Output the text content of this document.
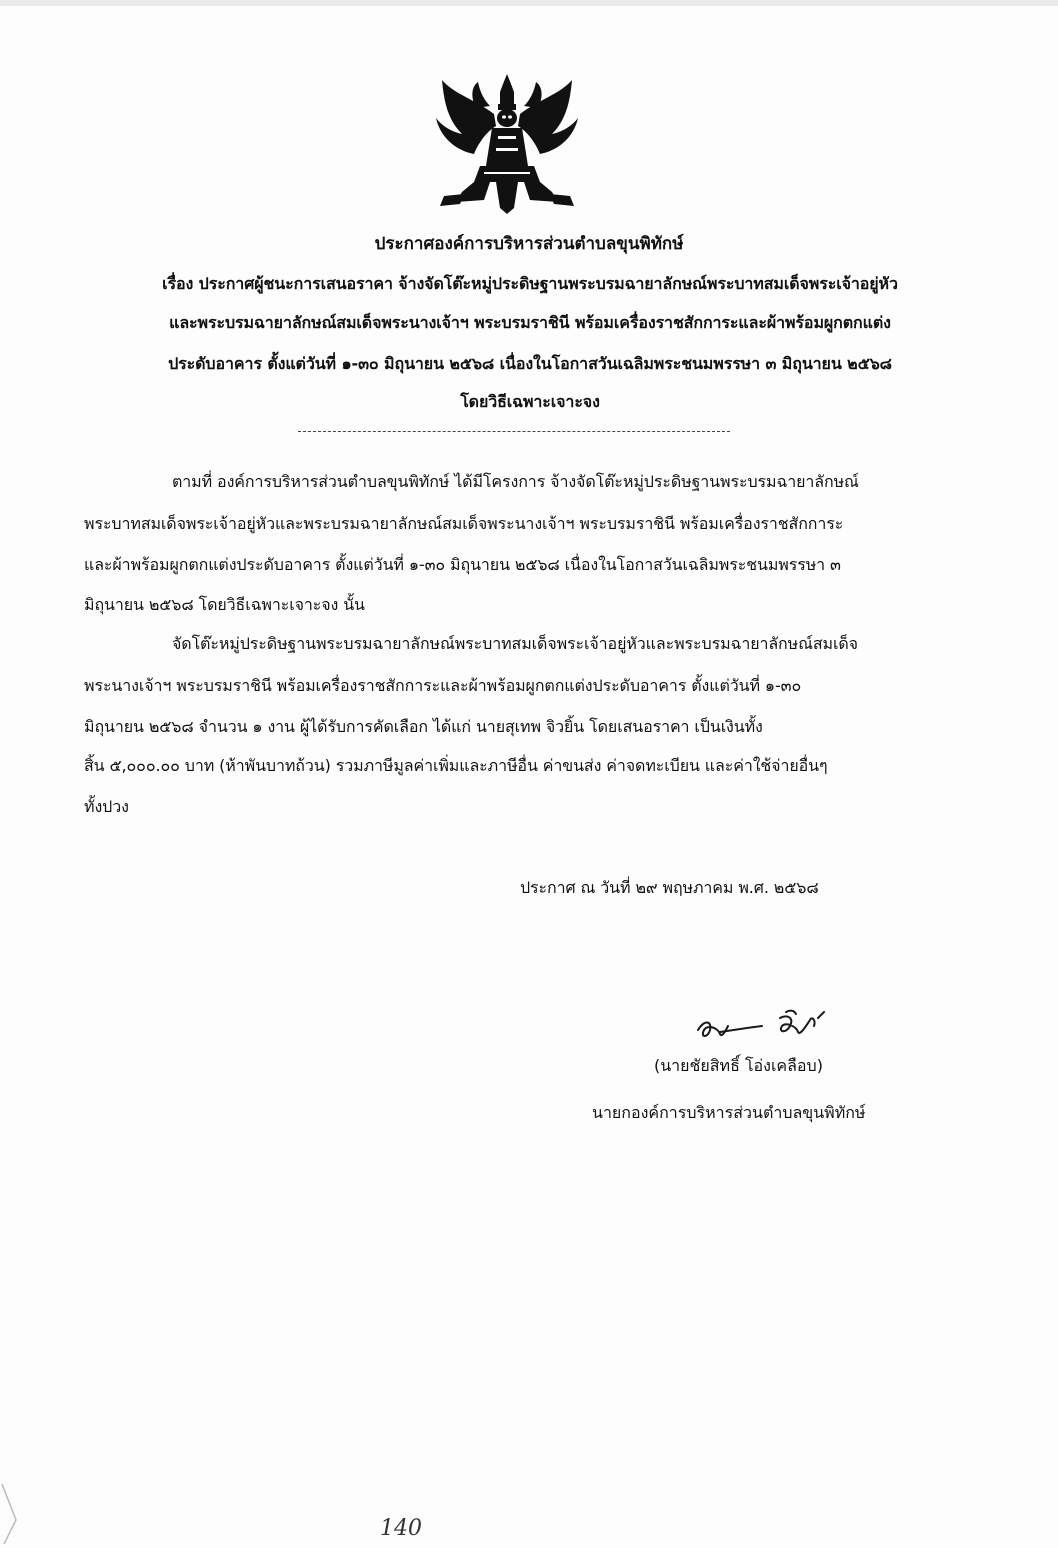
ประกาศองค์การบริหารส่วนตำบลขุนพิทักษ์
เรื่อง ประกาศผู้ชนะการเสนอราคา จ้างจัดโต๊ะหมู่ประดิษฐานพระบรมฉายาลักษณ์พระบาทสมเด็จพระเจ้าอยู่หัว
และพระบรมฉายาลักษณ์สมเด็จพระนางเจ้าฯ พระบรมราชินี พร้อมเครื่องราชสักการะและผ้าพร้อมผูกตกแต่ง
ประดับอาคาร ตั้งแต่วันที่ ๑-๓๐ มิถุนายน ๒๕๖๘ เนื่องในโอกาสวันเฉลิมพระชนมพรรษา ๓ มิถุนายน ๒๕๖๘
โดยวิธีเฉพาะเจาะจง
ตามที่ องค์การบริหารส่วนตำบลขุนพิทักษ์ ได้มีโครงการ จ้างจัดโต๊ะหมู่ประดิษฐานพระบรมฉายาลักษณ์
พระบาทสมเด็จพระเจ้าอยู่หัวและพระบรมฉายาลักษณ์สมเด็จพระนางเจ้าฯ พระบรมราชินี พร้อมเครื่องราชสักการะ
และผ้าพร้อมผูกตกแต่งประดับอาคาร ตั้งแต่วันที่ ๑-๓๐ มิถุนายน ๒๕๖๘ เนื่องในโอกาสวันเฉลิมพระชนมพรรษา ๓
มิถุนายน ๒๕๖๘ โดยวิธีเฉพาะเจาะจง นั้น
จัดโต๊ะหมู่ประดิษฐานพระบรมฉายาลักษณ์พระบาทสมเด็จพระเจ้าอยู่หัวและพระบรมฉายาลักษณ์สมเด็จ
พระนางเจ้าฯ พระบรมราชินี พร้อมเครื่องราชสักการะและผ้าพร้อมผูกตกแต่งประดับอาคาร ตั้งแต่วันที่ ๑-๓๐
มิถุนายน ๒๕๖๘ จำนวน ๑ งาน ผู้ได้รับการคัดเลือก ได้แก่ นายสุเทพ จิวยิ้น โดยเสนอราคา เป็นเงินทั้ง
สิ้น ๕,๐๐๐.๐๐ บาท (ห้าพันบาทถ้วน) รวมภาษีมูลค่าเพิ่มและภาษีอื่น ค่าขนส่ง ค่าจดทะเบียน และค่าใช้จ่ายอื่นๆ
ทั้งปวง
ประกาศ ณ วันที่ ๒๙ พฤษภาคม พ.ศ. ๒๕๖๘
(นายชัยสิทธิ์ โอ่งเคลือบ)
นายกองค์การบริหารส่วนตำบลขุนพิทักษ์
140
